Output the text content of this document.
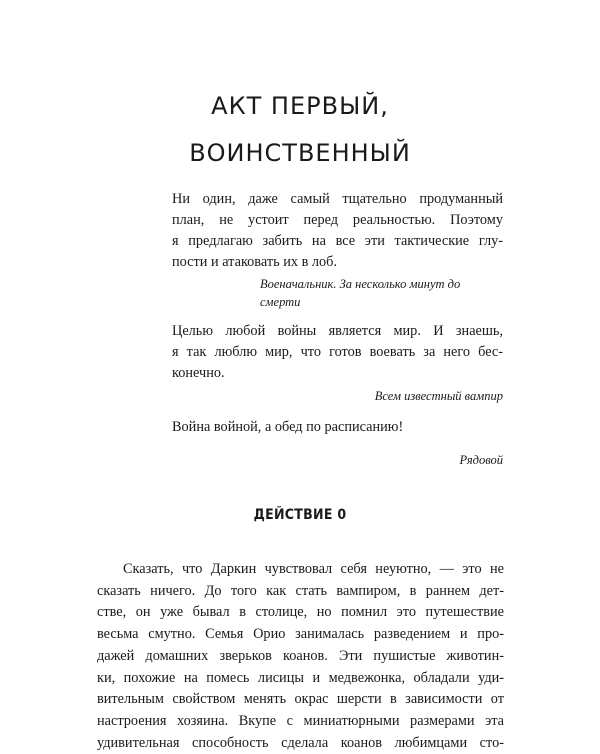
АКТ ПЕРВЫЙ,
ВОИНСТВЕННЫЙ

Ни один, даже самый тщательно продуманный
план, не устоит перед реальностью. Поэтому
я предлагаю забить на все эти тактические глу-
пости и атаковать их в лоб.

Военачальник. За несколько минут до
смерти

Целью любой войны является мир. И знаешь,
я так люблю мир, что готов воевать за него бес-
конечно.

Всем известный вампир

Война войной, а обед по расписанию!

Рядовой

ДЕЙСТВИЕ 0

Сказать, что Даркин чувствовал себя неуютно, — это не
сказать ничего. До того как стать вампиром, в раннем дет-
стве, он уже бывал в столице, но помнил это путешествие
весьма смутно. Семья Орио занималась разведением и про-
дажей домашних зверьков коанов. Эти пушистые животин-
ки, похожие на помесь лисицы и медвежонка, обладали уди-
вительным свойством менять окрас шерсти в зависимости от
настроения хозяина. Вкупе с миниатюрными размерами эта
удивительная способность сделала коанов любимцами сто-
